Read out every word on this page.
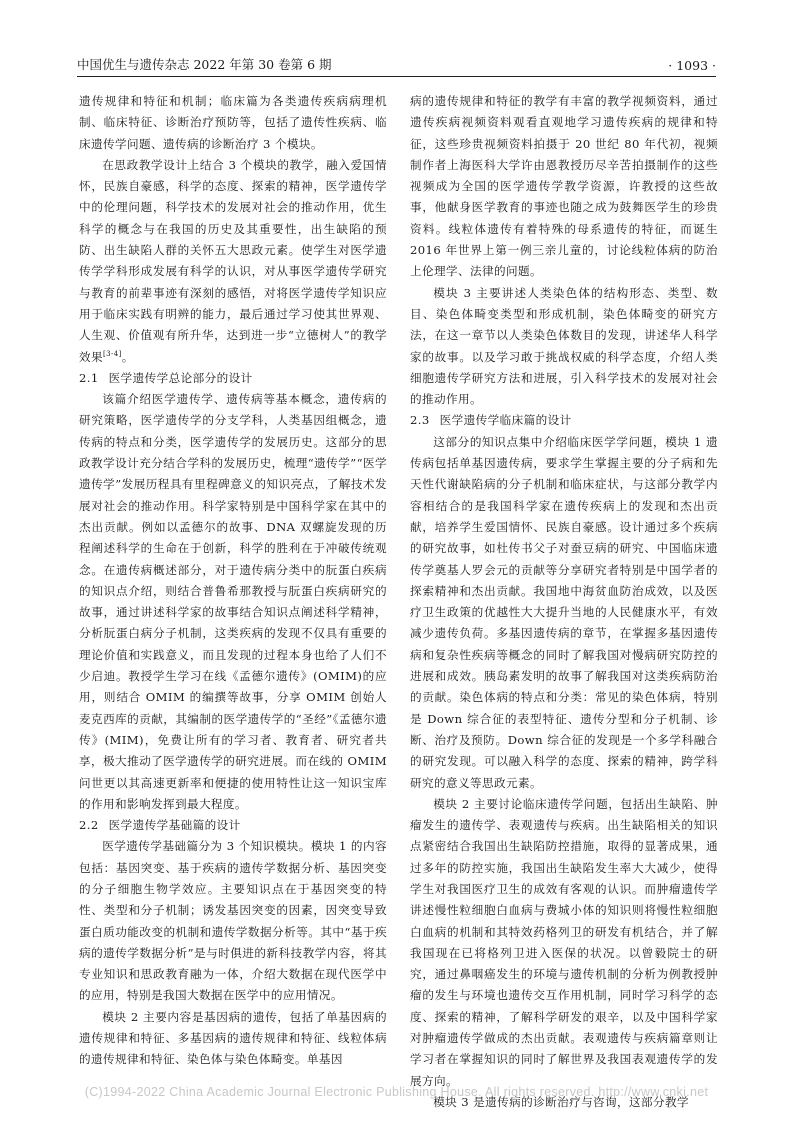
中国优生与遗传杂志 2022 年第 30 卷第 6 期	· 1093 ·

遗传规律和特征和机制；临床篇为各类遗传疾病病理机制、临床特征、诊断治疗预防等，包括了遗传性疾病、临床遗传学问题、遗传病的诊断治疗 3 个模块。

在思政教学设计上结合 3 个模块的教学，融入爱国情怀，民族自豪感，科学的态度、探索的精神，医学遗传学中的伦理问题，科学技术的发展对社会的推动作用，优生科学的概念与在我国的历史及其重要性，出生缺陷的预防、出生缺陷人群的关怀五大思政元素。使学生对医学遗传学学科形成发展有科学的认识，对从事医学遗传学研究与教育的前辈事迹有深刻的感悟，对将医学遗传学知识应用于临床实践有明辨的能力，最后通过学习使其世界观、人生观、价值观有所升华，达到进一步“立德树人”的教学效果[3-4]。

2.1 医学遗传学总论部分的设计

该篇介绍医学遗传学、遗传病等基本概念，遗传病的研究策略，医学遗传学的分支学科，人类基因组概念，遗传病的特点和分类，医学遗传学的发展历史。这部分的思政教学设计充分结合学科的发展历史，梳理“遗传学”“医学遗传学”发展历程具有里程碑意义的知识亮点，了解技术发展对社会的推动作用。科学家特别是中国科学家在其中的杰出贡献。例如以孟德尔的故事、DNA 双螺旋发现的历程阐述科学的生命在于创新，科学的胜利在于冲破传统观念。在遗传病概述部分，对于遗传病分类中的朊蛋白疾病的知识点介绍，则结合普鲁希那教授与朊蛋白疾病研究的故事，通过讲述科学家的故事结合知识点阐述科学精神，分析朊蛋白病分子机制，这类疾病的发现不仅具有重要的理论价值和实践意义，而且发现的过程本身也给了人们不少启迪。教授学生学习在线《孟德尔遗传》(OMIM)的应用，则结合 OMIM 的编撰等故事，分享 OMIM 创始人麦克西库的贡献，其编制的医学遗传学的“圣经”《孟德尔遗传》(MIM)，免费让所有的学习者、教育者、研究者共享，极大推动了医学遗传学的研究进展。而在线的 OMIM 问世更以其高速更新率和便捷的使用特性让这一知识宝库的作用和影响发挥到最大程度。

2.2 医学遗传学基础篇的设计

医学遗传学基础篇分为 3 个知识模块。模块 1 的内容包括：基因突变、基于疾病的遗传学数据分析、基因突变的分子细胞生物学效应。主要知识点在于基因突变的特性、类型和分子机制；诱发基因突变的因素，因突变导致蛋白质功能改变的机制和遗传学数据分析等。其中“基于疾病的遗传学数据分析”是与时俱进的新科技教学内容，将其专业知识和思政教育融为一体，介绍大数据在现代医学中的应用，特别是我国大数据在医学中的应用情况。

模块 2 主要内容是基因病的遗传，包括了单基因病的遗传规律和特征、多基因病的遗传规律和特征、线粒体病的遗传规律和特征、染色体与染色体畸变。单基因

病的遗传规律和特征的教学有丰富的教学视频资料，通过遗传疾病视频资料观看直观地学习遗传疾病的规律和特征，这些珍贵视频资料拍摄于 20 世纪 80 年代初，视频制作者上海医科大学许由恩教授历尽辛苦拍摄制作的这些视频成为全国的医学遗传学教学资源，许教授的这些故事，他献身医学教育的事迹也随之成为鼓舞医学生的珍贵资料。线粒体遗传有着特殊的母系遗传的特征，而诞生 2016 年世界上第一例三亲儿童的，讨论线粒体病的防治上伦理学、法律的问题。

模块 3 主要讲述人类染色体的结构形态、类型、数目、染色体畸变类型和形成机制，染色体畸变的研究方法，在这一章节以人类染色体数目的发现，讲述华人科学家的故事。以及学习敢于挑战权威的科学态度，介绍人类细胞遗传学研究方法和进展，引入科学技术的发展对社会的推动作用。

2.3 医学遗传学临床篇的设计

这部分的知识点集中介绍临床医学学问题，模块 1 遗传病包括单基因遗传病，要求学生掌握主要的分子病和先天性代谢缺陷病的分子机制和临床症状，与这部分教学内容相结合的是我国科学家在遗传疾病上的发现和杰出贡献，培养学生爱国情怀、民族自豪感。设计通过多个疾病的研究故事，如杜传书父子对蚕豆病的研究、中国临床遗传学奠基人罗会元的贡献等分享研究者特别是中国学者的探索精神和杰出贡献。我国地中海贫血防治成效，以及医疗卫生政策的优越性大大提升当地的人民健康水平，有效减少遗传负荷。多基因遗传病的章节，在掌握多基因遗传病和复杂性疾病等概念的同时了解我国对慢病研究防控的进展和成效。胰岛素发明的故事了解我国对这类疾病防治的贡献。染色体病的特点和分类：常见的染色体病，特别是 Down 综合征的表型特征、遗传分型和分子机制、诊断、治疗及预防。Down 综合征的发现是一个多学科融合的研究发现。可以融入科学的态度、探索的精神，跨学科研究的意义等思政元素。

模块 2 主要讨论临床遗传学问题，包括出生缺陷、肿瘤发生的遗传学、表观遗传与疾病。出生缺陷相关的知识点紧密结合我国出生缺陷防控措施，取得的显著成果，通过多年的防控实施，我国出生缺陷发生率大大减少，使得学生对我国医疗卫生的成效有客观的认识。而肿瘤遗传学讲述慢性粒细胞白血病与费城小体的知识则将慢性粒细胞白血病的机制和其特效药格列卫的研发有机结合，并了解我国现在已将格列卫进入医保的状况。以曾毅院士的研究，通过鼻咽癌发生的环境与遗传机制的分析为例教授肿瘤的发生与环境也遗传交互作用机制，同时学习科学的态度、探索的精神，了解科学研发的艰辛，以及中国科学家对肿瘤遗传学做成的杰出贡献。表观遗传与疾病篇章则让学习者在掌握知识的同时了解世界及我国表观遗传学的发展方向。

模块 3 是遗传病的诊断治疗与咨询，这部分教学

(C)1994-2022 China Academic Journal Electronic Publishing House. All rights reserved. http://www.cnki.net
